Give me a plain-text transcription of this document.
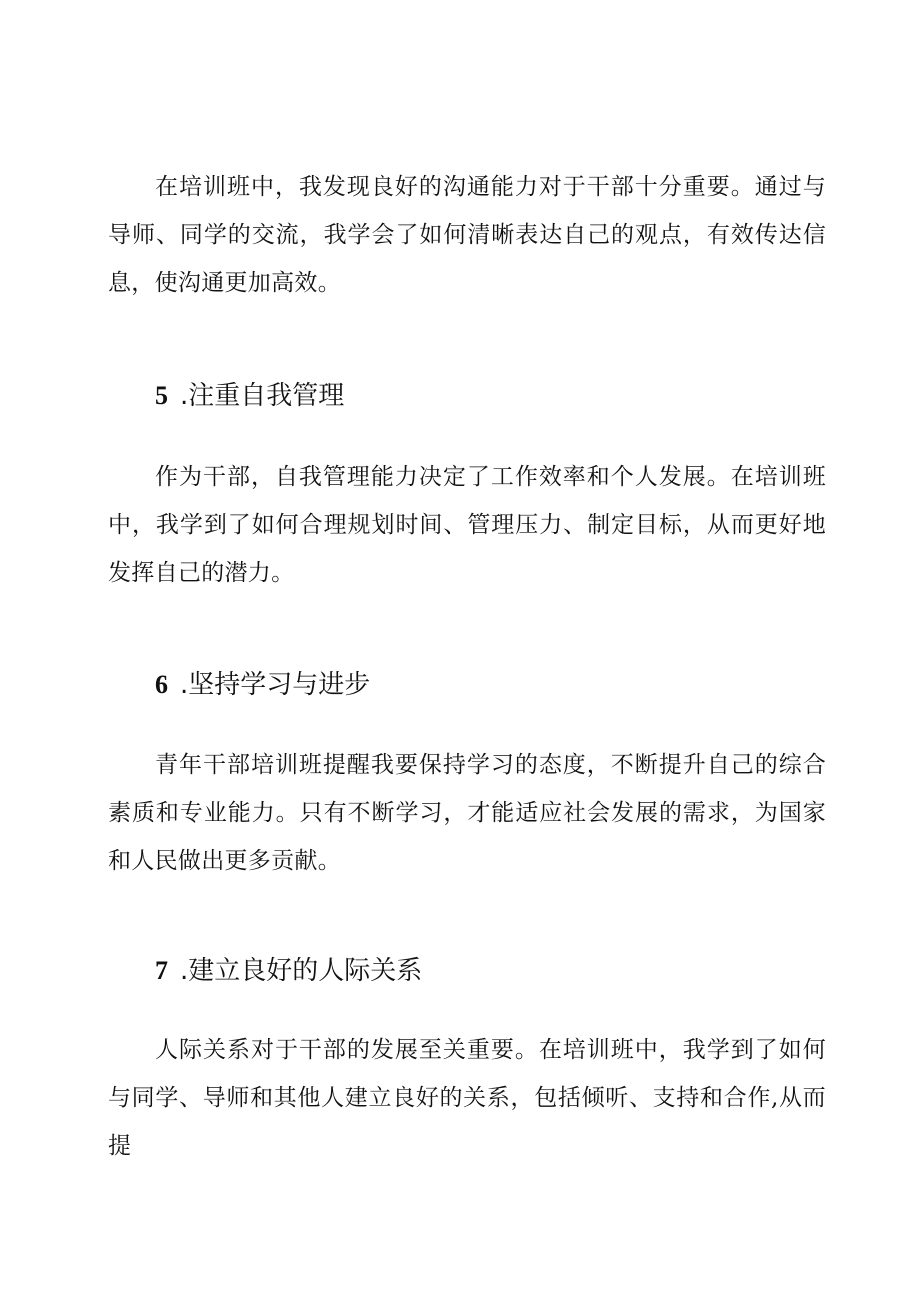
在培训班中，我发现良好的沟通能力对于干部十分重要。通过与导师、同学的交流，我学会了如何清晰表达自己的观点，有效传达信息，使沟通更加高效。

5 .注重自我管理

作为干部，自我管理能力决定了工作效率和个人发展。在培训班中，我学到了如何合理规划时间、管理压力、制定目标，从而更好地发挥自己的潜力。

6 .坚持学习与进步

青年干部培训班提醒我要保持学习的态度，不断提升自己的综合素质和专业能力。只有不断学习，才能适应社会发展的需求，为国家和人民做出更多贡献。

7 .建立良好的人际关系

人际关系对于干部的发展至关重要。在培训班中，我学到了如何与同学、导师和其他人建立良好的关系，包括倾听、支持和合作,从而提
